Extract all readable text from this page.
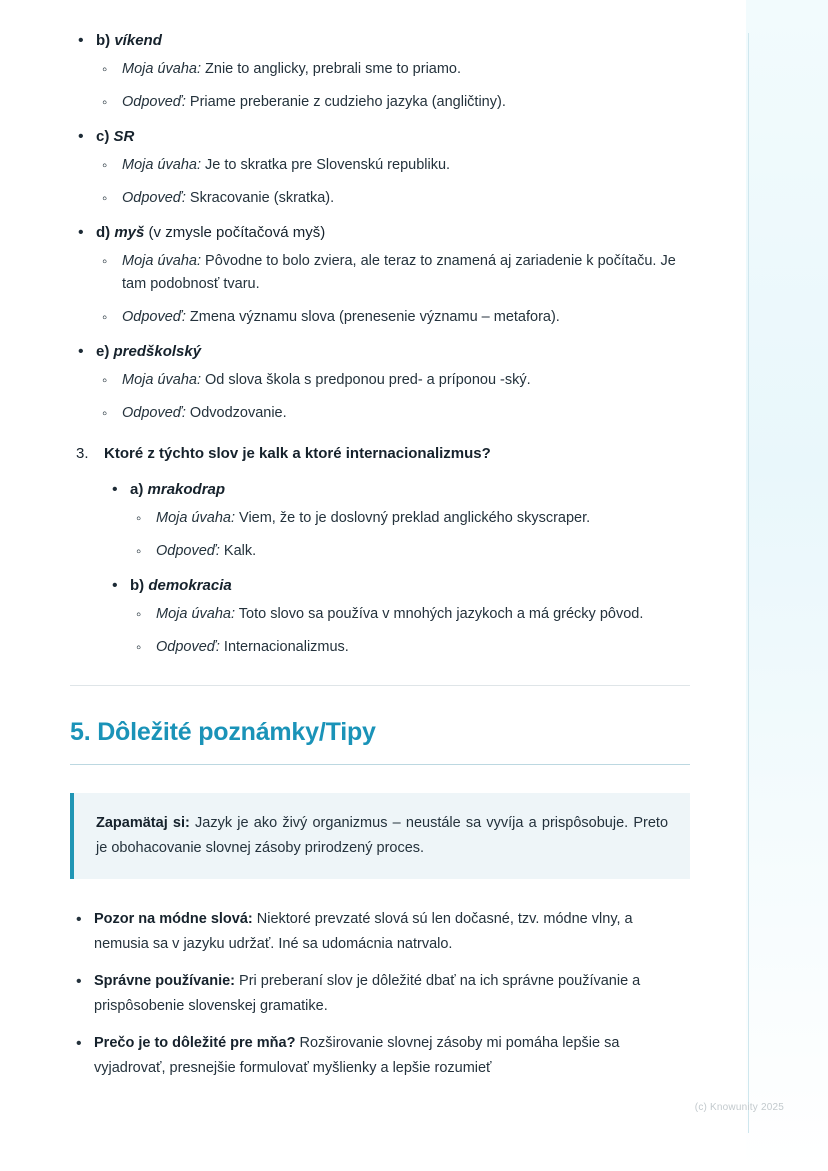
• b) víkend
◦ Moja úvaha: Znie to anglicky, prebrali sme to priamo.
◦ Odpoveď: Priame preberanie z cudzieho jazyka (angličtiny).
• c) SR
◦ Moja úvaha: Je to skratka pre Slovenskú republiku.
◦ Odpoveď: Skracovanie (skratka).
• d) myš (v zmysle počítačová myš)
◦ Moja úvaha: Pôvodne to bolo zviera, ale teraz to znamená aj zariadenie k počítaču. Je tam podobnosť tvaru.
◦ Odpoveď: Zmena významu slova (prenesenie významu – metafora).
• e) predškolský
◦ Moja úvaha: Od slova škola s predponou pred- a príponou -ský.
◦ Odpoveď: Odvodzovanie.
3. Ktoré z týchto slov je kalk a ktoré internacionalizmus?
• a) mrakodrap
◦ Moja úvaha: Viem, že to je doslovný preklad anglického skyscraper.
◦ Odpoveď: Kalk.
• b) demokracia
◦ Moja úvaha: Toto slovo sa používa v mnohých jazykoch a má grécky pôvod.
◦ Odpoveď: Internacionalizmus.
5. Dôležité poznámky/Tipy
Zapamätaj si: Jazyk je ako živý organizmus – neustále sa vyvíja a prispôsobuje. Preto je obohacovanie slovnej zásoby prirodzený proces.
• Pozor na módne slová: Niektoré prevzaté slová sú len dočasné, tzv. módne vlny, a nemusia sa v jazyku udržať. Iné sa udomácnia natrvalo.
• Správne používanie: Pri preberaní slov je dôležité dbať na ich správne používanie a prispôsobenie slovenskej gramatike.
• Prečo je to dôležité pre mňa? Rozširovanie slovnej zásoby mi pomáha lepšie sa vyjadrovať, presnejšie formulovať myšlienky a lepšie rozumieť
(c) Knowunity 2025
